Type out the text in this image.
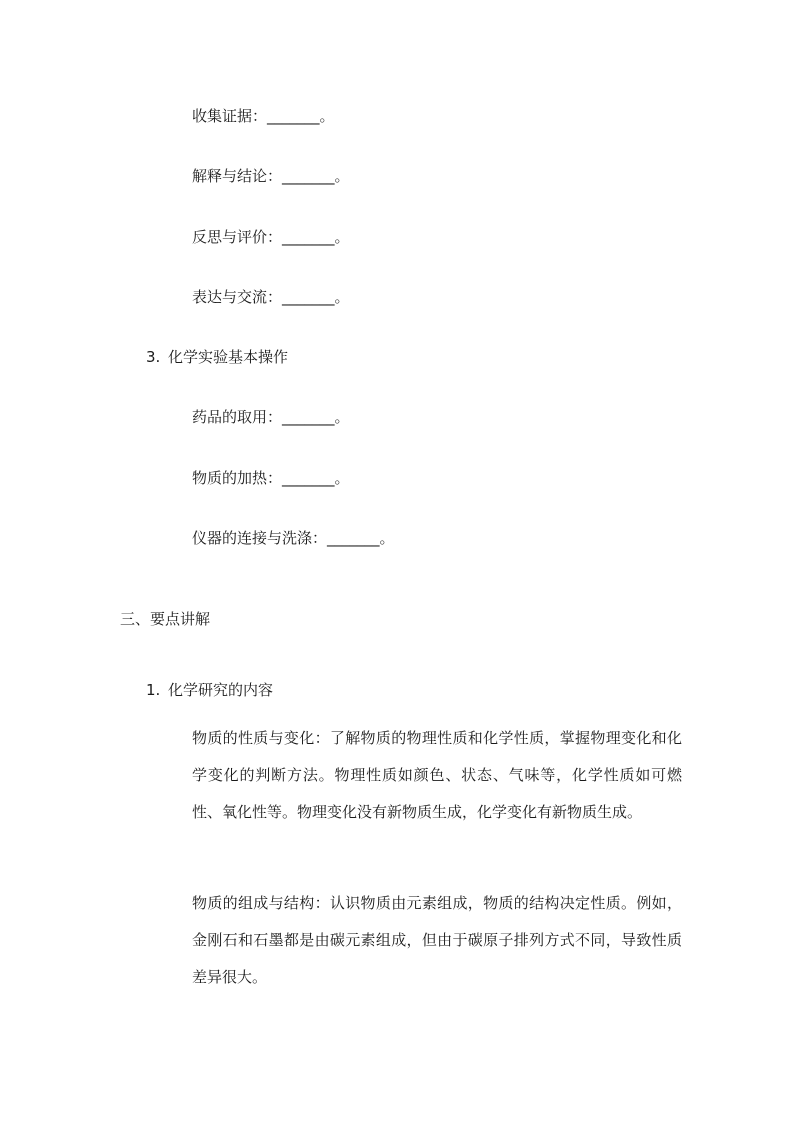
收集证据：_______。
解释与结论：_______。
反思与评价：_______。
表达与交流：_______。
3. 化学实验基本操作
药品的取用：_______。
物质的加热：_______。
仪器的连接与洗涤：_______。
三、要点讲解
1. 化学研究的内容
物质的性质与变化：了解物质的物理性质和化学性质，掌握物理变化和化学变化的判断方法。物理性质如颜色、状态、气味等，化学性质如可燃性、氧化性等。物理变化没有新物质生成，化学变化有新物质生成。
物质的组成与结构：认识物质由元素组成，物质的结构决定性质。例如，金刚石和石墨都是由碳元素组成，但由于碳原子排列方式不同，导致性质差异很大。
